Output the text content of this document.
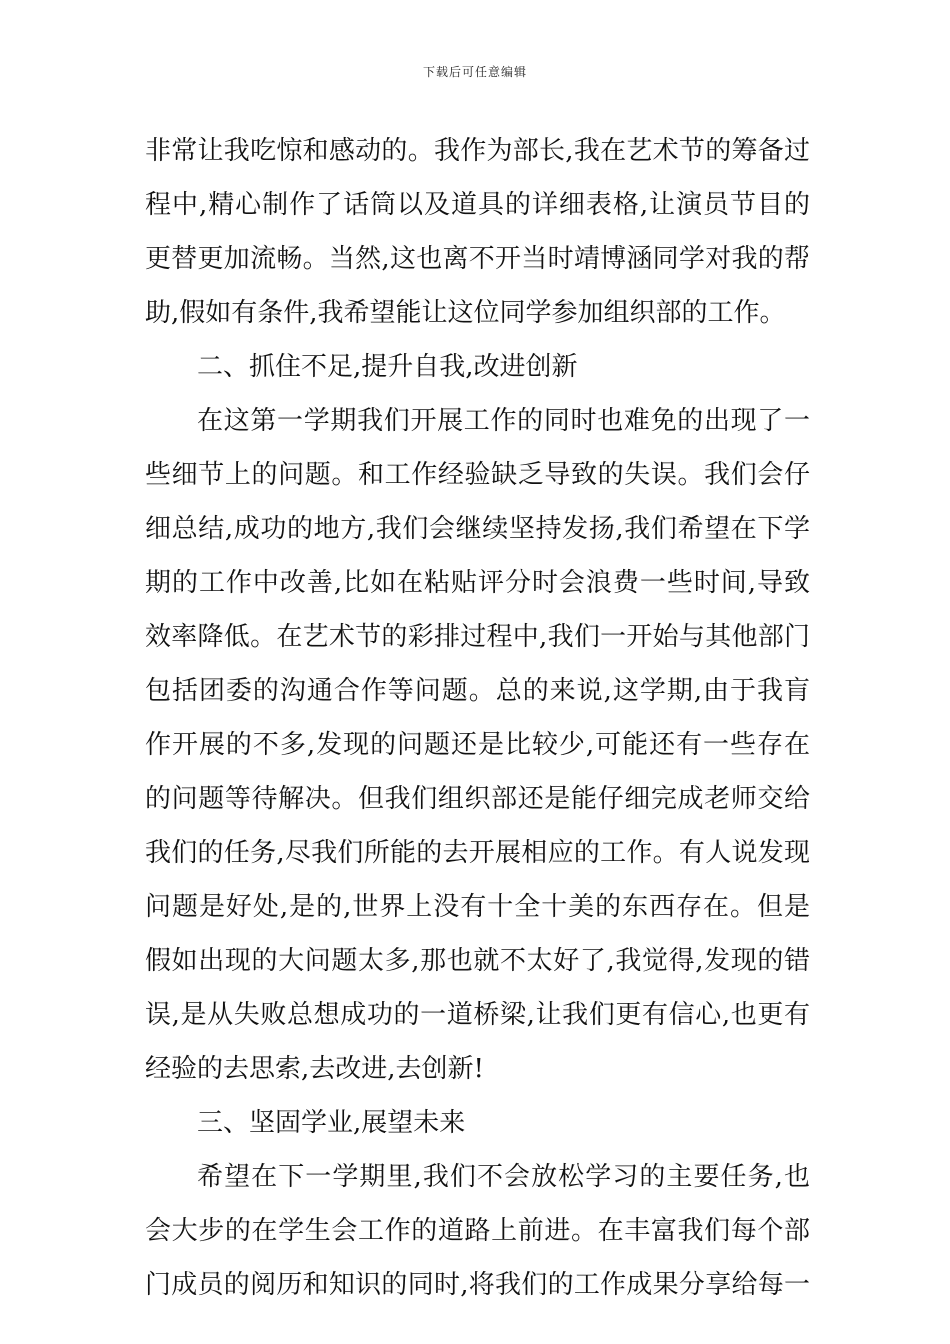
下载后可任意编辑
非常让我吃惊和感动的。我作为部长,我在艺术节的筹备过
程中,精心制作了话筒以及道具的详细表格,让演员节目的
更替更加流畅。当然,这也离不开当时靖博涵同学对我的帮
助,假如有条件,我希望能让这位同学参加组织部的工作。
二、抓住不足,提升自我,改进创新
在这第一学期我们开展工作的同时也难免的出现了一
些细节上的问题。和工作经验缺乏导致的失误。我们会仔
细总结,成功的地方,我们会继续坚持发扬,我们希望在下学
期的工作中改善,比如在粘贴评分时会浪费一些时间,导致
效率降低。在艺术节的彩排过程中,我们一开始与其他部门
包括团委的沟通合作等问题。总的来说,这学期,由于我肓
作开展的不多,发现的问题还是比较少,可能还有一些存在
的问题等待解决。但我们组织部还是能仔细完成老师交给
我们的任务,尽我们所能的去开展相应的工作。有人说发现
问题是好处,是的,世界上没有十全十美的东西存在。但是
假如出现的大问题太多,那也就不太好了,我觉得,发现的错
误,是从失败总想成功的一道桥梁,让我们更有信心,也更有
经验的去思索,去改进,去创新!
三、坚固学业,展望未来
希望在下一学期里,我们不会放松学习的主要任务,也
会大步的在学生会工作的道路上前进。在丰富我们每个部
门成员的阅历和知识的同时,将我们的工作成果分享给每一
